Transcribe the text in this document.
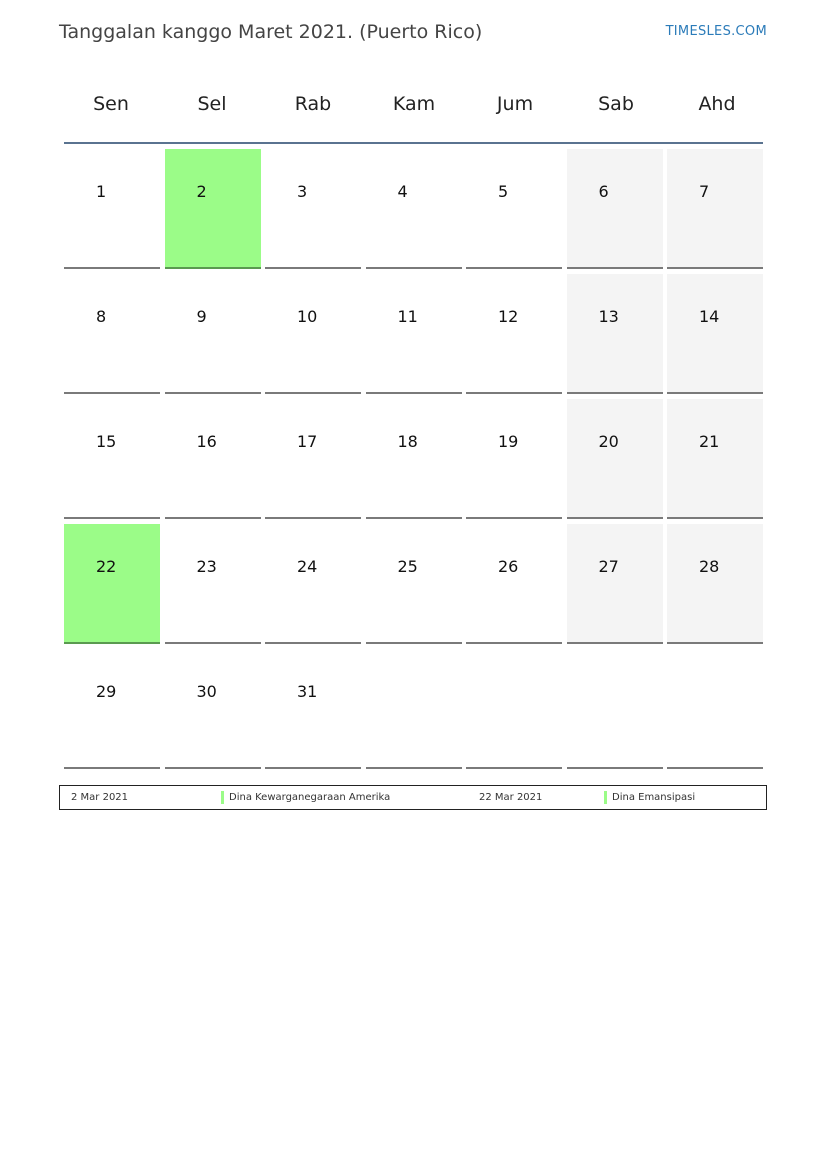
Tanggalan kanggo Maret 2021. (Puerto Rico)	TIMESLES.COM
Sen	Sel	Rab	Kam	Jum	Sab	Ahd
1	2	3	4	5	6	7
8	9	10	11	12	13	14
15	16	17	18	19	20	21
22	23	24	25	26	27	28
29	30	31
2 Mar 2021	Dina Kewarganegaraan Amerika	22 Mar 2021	Dina Emansipasi
